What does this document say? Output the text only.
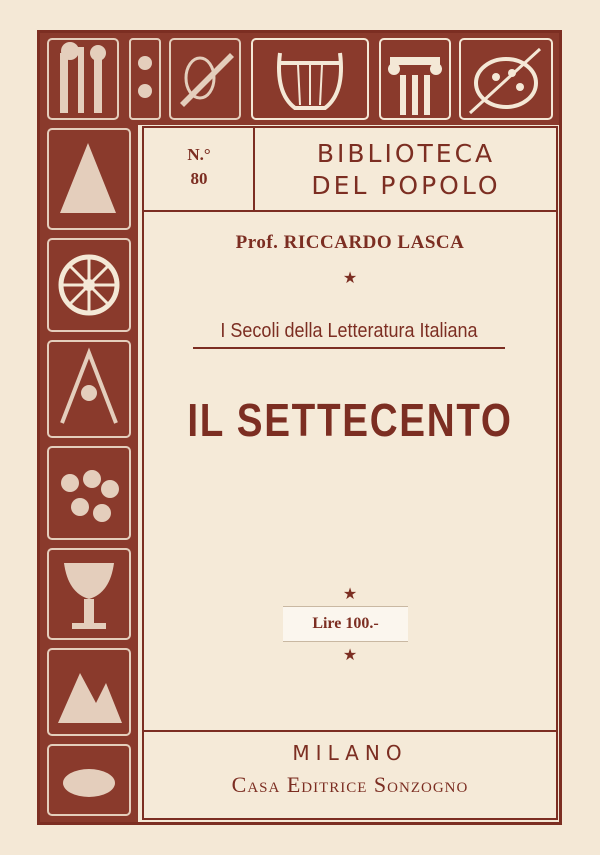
N.°
80
BIBLIOTECA
DEL POPOLO
Prof. RICCARDO LASCA
★
I Secoli della Letteratura Italiana
IL SETTECENTO
★
Lire 100.-
★
MILANO
Casa Editrice Sonzogno
